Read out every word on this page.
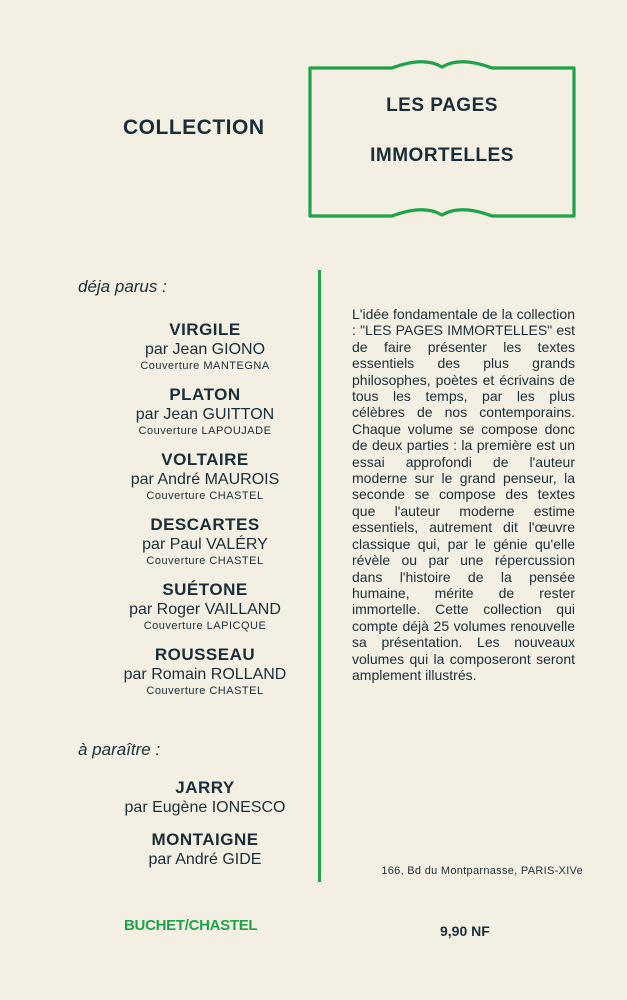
COLLECTION
LES PAGES
IMMORTELLES
déja parus :
VIRGILE
par Jean GIONO
Couverture MANTEGNA
PLATON
par Jean GUITTON
Couverture LAPOUJADE
VOLTAIRE
par André MAUROIS
Couverture CHASTEL
DESCARTES
par Paul VALÉRY
Couverture CHASTEL
SUÉTONE
par Roger VAILLAND
Couverture LAPICQUE
ROUSSEAU
par Romain ROLLAND
Couverture CHASTEL
à paraître :
JARRY
par Eugène IONESCO
MONTAIGNE
par André GIDE

L'idée fondamentale de la collection : "LES PAGES IMMORTELLES" est de faire présenter les textes essentiels des plus grands philosophes, poètes et écrivains de tous les temps, par les plus célèbres de nos contemporains. Chaque volume se compose donc de deux parties : la première est un essai approfondi de l'auteur moderne sur le grand penseur, la seconde se compose des textes que l'auteur moderne estime essentiels, autrement dit l'œuvre classique qui, par le génie qu'elle révèle ou par une répercussion dans l'histoire de la pensée humaine, mérite de rester immortelle. Cette collection qui compte déjà 25 volumes renouvelle sa présentation. Les nouveaux volumes qui la composeront seront amplement illustrés.

166, Bd du Montparnasse, PARIS-XIVe
BUCHET/CHASTEL	9,90 NF
